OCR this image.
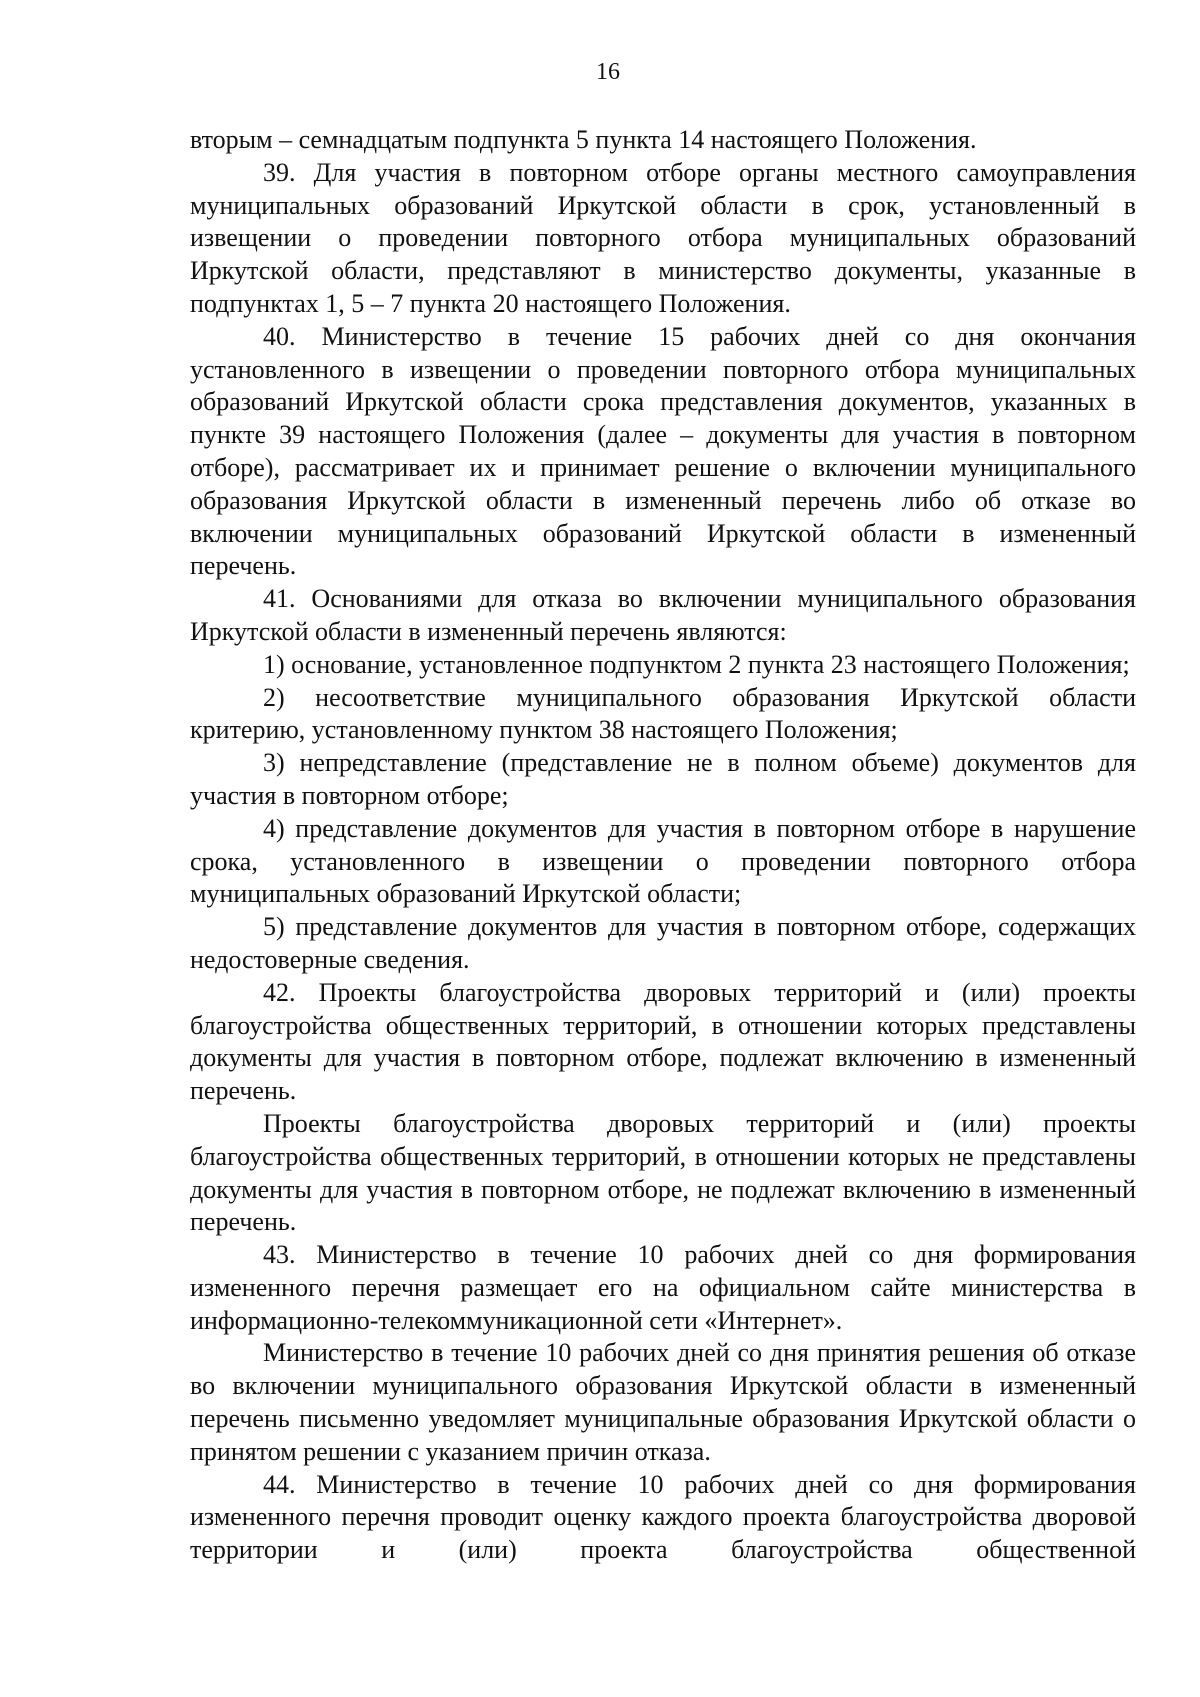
16

вторым – семнадцатым подпункта 5 пункта 14 настоящего Положения.

39. Для участия в повторном отборе органы местного самоуправления муниципальных образований Иркутской области в срок, установленный в извещении о проведении повторного отбора муниципальных образований Иркутской области, представляют в министерство документы, указанные в подпунктах 1, 5 – 7 пункта 20 настоящего Положения.

40. Министерство в течение 15 рабочих дней со дня окончания установленного в извещении о проведении повторного отбора муниципальных образований Иркутской области срока представления документов, указанных в пункте 39 настоящего Положения (далее – документы для участия в повторном отборе), рассматривает их и принимает решение о включении муниципального образования Иркутской области в измененный перечень либо об отказе во включении муниципальных образований Иркутской области в измененный перечень.

41. Основаниями для отказа во включении муниципального образования Иркутской области в измененный перечень являются:

1) основание, установленное подпунктом 2 пункта 23 настоящего Положения;

2) несоответствие муниципального образования Иркутской области критерию, установленному пунктом 38 настоящего Положения;

3) непредставление (представление не в полном объеме) документов для участия в повторном отборе;

4) представление документов для участия в повторном отборе в нарушение срока, установленного в извещении о проведении повторного отбора муниципальных образований Иркутской области;

5) представление документов для участия в повторном отборе, содержащих недостоверные сведения.

42. Проекты благоустройства дворовых территорий и (или) проекты благоустройства общественных территорий, в отношении которых представлены документы для участия в повторном отборе, подлежат включению в измененный перечень.

Проекты благоустройства дворовых территорий и (или) проекты благоустройства общественных территорий, в отношении которых не представлены документы для участия в повторном отборе, не подлежат включению в измененный перечень.

43. Министерство в течение 10 рабочих дней со дня формирования измененного перечня размещает его на официальном сайте министерства в информационно-телекоммуникационной сети «Интернет».

Министерство в течение 10 рабочих дней со дня принятия решения об отказе во включении муниципального образования Иркутской области в измененный перечень письменно уведомляет муниципальные образования Иркутской области о принятом решении с указанием причин отказа.

44. Министерство в течение 10 рабочих дней со дня формирования измененного перечня проводит оценку каждого проекта благоустройства дворовой территории и (или) проекта благоустройства общественной
